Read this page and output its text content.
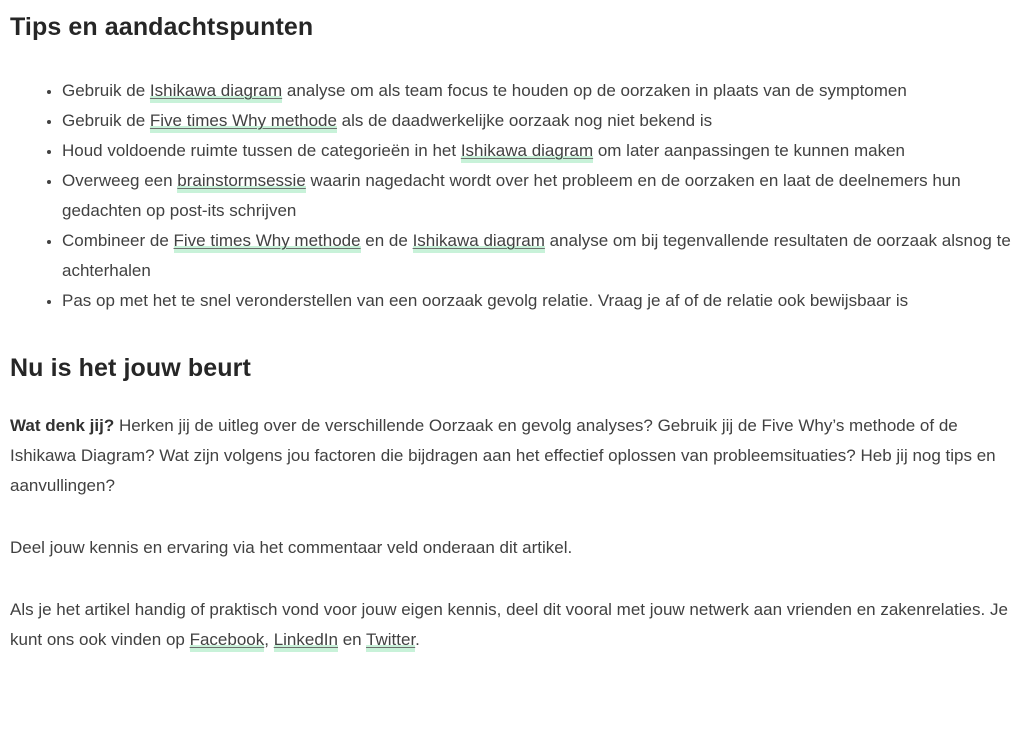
Tips en aandachtspunten
• Gebruik de Ishikawa diagram analyse om als team focus te houden op de oorzaken in plaats van de symptomen
• Gebruik de Five times Why methode als de daadwerkelijke oorzaak nog niet bekend is
• Houd voldoende ruimte tussen de categorieën in het Ishikawa diagram om later aanpassingen te kunnen maken
• Overweeg een brainstormsessie waarin nagedacht wordt over het probleem en de oorzaken en laat de deelnemers hun gedachten op post-its schrijven
• Combineer de Five times Why methode en de Ishikawa diagram analyse om bij tegenvallende resultaten de oorzaak alsnog te achterhalen
• Pas op met het te snel veronderstellen van een oorzaak gevolg relatie. Vraag je af of de relatie ook bewijsbaar is
Nu is het jouw beurt

Wat denk jij? Herken jij de uitleg over de verschillende Oorzaak en gevolg analyses? Gebruik jij de Five Why’s methode of de Ishikawa Diagram? Wat zijn volgens jou factoren die bijdragen aan het effectief oplossen van probleemsituaties? Heb jij nog tips en aanvullingen?

Deel jouw kennis en ervaring via het commentaar veld onderaan dit artikel.

Als je het artikel handig of praktisch vond voor jouw eigen kennis, deel dit vooral met jouw netwerk aan vrienden en zakenrelaties. Je kunt ons ook vinden op Facebook, LinkedIn en Twitter.
